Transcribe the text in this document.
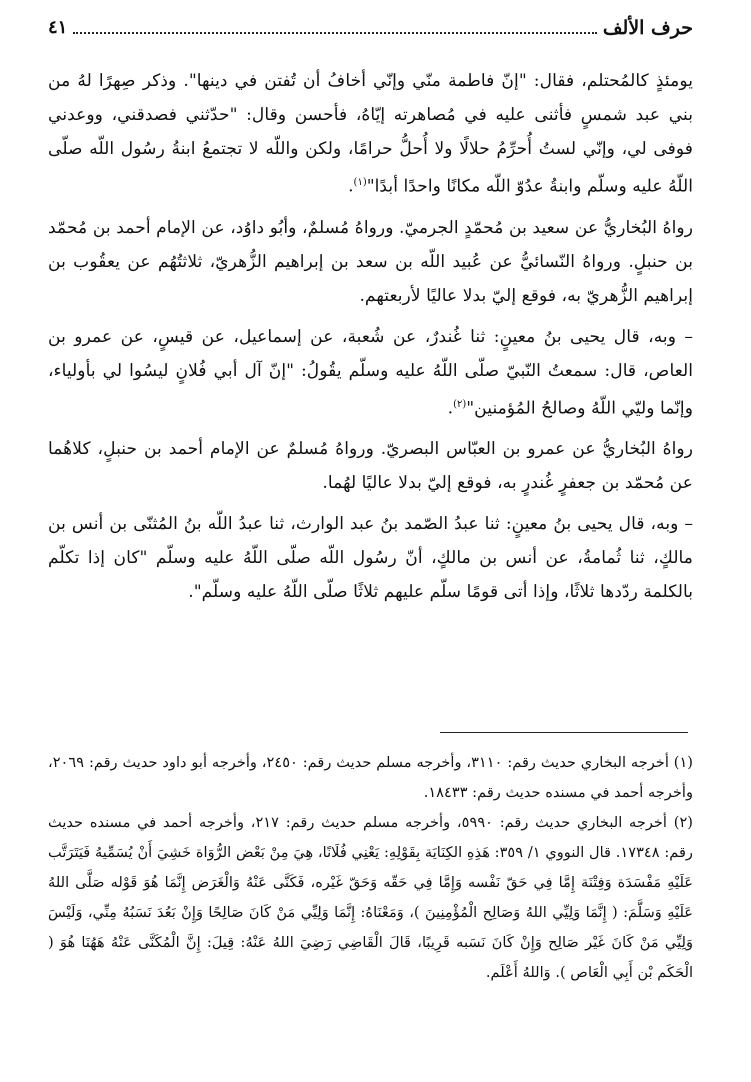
٤١	حرف الألف

يومئذٍ كالمُحتلم، فقال: "إنّ فاطمة منّي وإنّي أخافُ أن تُفتن في دينها". وذكر صِهرًا لهُ من بني عبد شمسٍ فأثنى عليه في مُصاهرته إيّاهُ، فأحسن وقال: "حدّثني فصدقني، ووعدني فوفى لي، وإنّي لستُ أُحرِّمُ حلالًا ولا أُحلُّ حرامًا، ولكن واللّه لا تجتمعُ ابنةُ رسُول اللّه صلّى اللّهُ عليه وسلّم وابنةُ عدُوّ اللّه مكانًا واحدًا أبدًا"$^{(١)}$.

رواهُ البُخاريُّ عن سعيد بن مُحمّدٍ الجرميّ. ورواهُ مُسلمٌ، وأبُو داوُد، عن الإمام أحمد بن مُحمّد بن حنبلٍ. ورواهُ النّسائيُّ عن عُبيد اللّه بن سعد بن إبراهيم الزُّهريّ، ثلاثتُهُم عن يعقُوب بن إبراهيم الزُّهريّ به، فوقع إليّ بدلا عاليًا لأربعتهم.

– وبه، قال يحيى بنُ معينٍ: ثنا غُندرٌ، عن شُعبة، عن إسماعيل، عن قيسٍ، عن عمرو بن العاص، قال: سمعتُ النّبيّ صلّى اللّهُ عليه وسلّم يقُولُ: "إنّ آل أبي فُلانٍ ليسُوا لي بأولياء، وإنّما وليّي اللّهُ وصالحُ المُؤمنين"$^{(٢)}$.

رواهُ البُخاريُّ عن عمرو بن العبّاس البصريّ. ورواهُ مُسلمٌ عن الإمام أحمد بن حنبلٍ، كلاهُما عن مُحمّد بن جعفرٍ غُندرٍ به، فوقع إليّ بدلا عاليًا لهُما.

– وبه، قال يحيى بنُ معينٍ: ثنا عبدُ الصّمد بنُ عبد الوارث، ثنا عبدُ اللّه بنُ المُثنّى بن أنس بن مالكٍ، ثنا ثُمامةُ، عن أنس بن مالكٍ، أنّ رسُول اللّه صلّى اللّهُ عليه وسلّم "كان إذا تكلّم بالكلمة ردّدها ثلاثًا، وإذا أتى قومًا سلّم عليهم ثلاثًا صلّى اللّهُ عليه وسلّم".

(١) أخرجه البخاري حديث رقم: ٣١١٠، وأخرجه مسلم حديث رقم: ٢٤٥٠، وأخرجه أبو داود حديث رقم: ٢٠٦٩، وأخرجه أحمد في مسنده حديث رقم: ١٨٤٣٣.

(٢) أخرجه البخاري حديث رقم: ٥٩٩٠، وأخرجه مسلم حديث رقم: ٢١٧، وأخرجه أحمد في مسنده حديث رقم: ١٧٣٤٨. قال النووي ١/ ٣٥٩: هَذِهِ الكِنَايَة بِقَوْلِهِ: يَعْنِي فُلَانًا، هِيَ مِنْ بَعْض الرُّوَاة خَشِيَ أَنْ يُسَمِّيهُ فَيَتَرَتَّب عَلَيْهِ مَفْسَدَة وَفِتْنَة إِمَّا فِي حَقّ نَفْسه وَإِمَّا فِي حَقّه وَحَقّ غَيْره، فَكَنَّى عَنْهُ وَالْغَرَض إِنَّمَا هُوَ قَوْله صَلَّى اللهُ عَلَيْهِ وَسَلَّمَ: ( إِنَّمَا وَلِيِّي اللهُ وَصَالِح الْمُؤْمِنِينَ )، وَمَعْنَاهُ: إِنَّمَا وَلِيِّي مَنْ كَانَ صَالِحًا وَإِنْ بَعُدَ نَسَبُهُ مِنِّي، وَلَيْسَ وَلِيِّي مَنْ كَانَ غَيْر صَالِح وَإِنْ كَانَ نَسَبه قَرِيبًا، قَالَ الْقَاضِي رَضِيَ اللهُ عَنْهُ: قِيلَ: إِنَّ الْمُكَنَّى عَنْهُ هَهُنَا هُوَ ( الْحَكَم بْن أَبِي الْعَاص ). وَاللهُ أَعْلَم.
